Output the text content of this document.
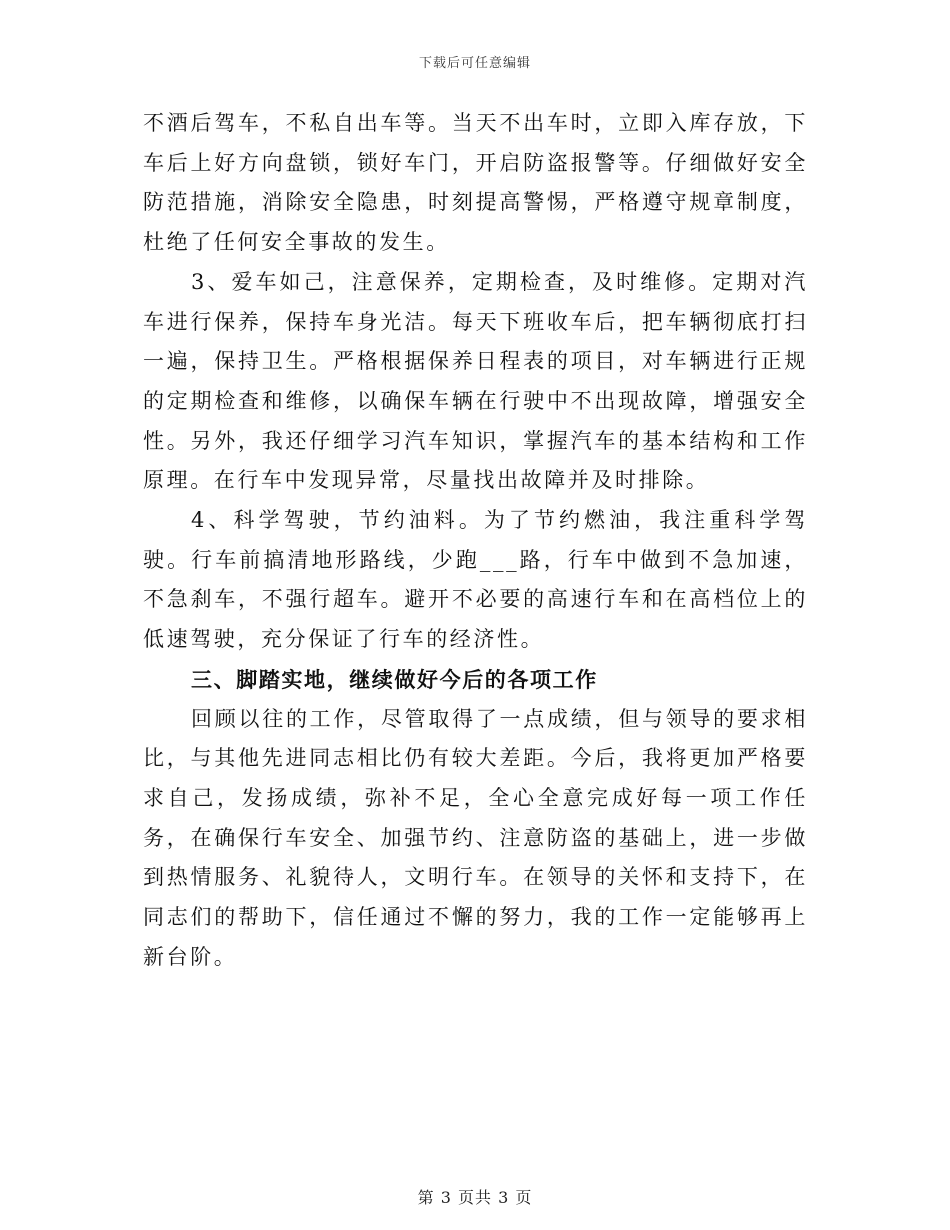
下载后可任意编辑

不酒后驾车，不私自出车等。当天不出车时，立即入库存放，下车后上好方向盘锁，锁好车门，开启防盗报警等。仔细做好安全防范措施，消除安全隐患，时刻提高警惕，严格遵守规章制度，杜绝了任何安全事故的发生。

3、爱车如己，注意保养，定期检查，及时维修。定期对汽车进行保养，保持车身光洁。每天下班收车后，把车辆彻底打扫一遍，保持卫生。严格根据保养日程表的项目，对车辆进行正规的定期检查和维修，以确保车辆在行驶中不出现故障，增强安全性。另外，我还仔细学习汽车知识，掌握汽车的基本结构和工作原理。在行车中发现异常，尽量找出故障并及时排除。

4、科学驾驶，节约油料。为了节约燃油，我注重科学驾驶。行车前搞清地形路线，少跑___路，行车中做到不急加速，不急刹车，不强行超车。避开不必要的高速行车和在高档位上的低速驾驶，充分保证了行车的经济性。

三、脚踏实地，继续做好今后的各项工作

回顾以往的工作，尽管取得了一点成绩，但与领导的要求相比，与其他先进同志相比仍有较大差距。今后，我将更加严格要求自己，发扬成绩，弥补不足，全心全意完成好每一项工作任务，在确保行车安全、加强节约、注意防盗的基础上，进一步做到热情服务、礼貌待人，文明行车。在领导的关怀和支持下，在同志们的帮助下，信任通过不懈的努力，我的工作一定能够再上新台阶。

第 3 页共 3 页
